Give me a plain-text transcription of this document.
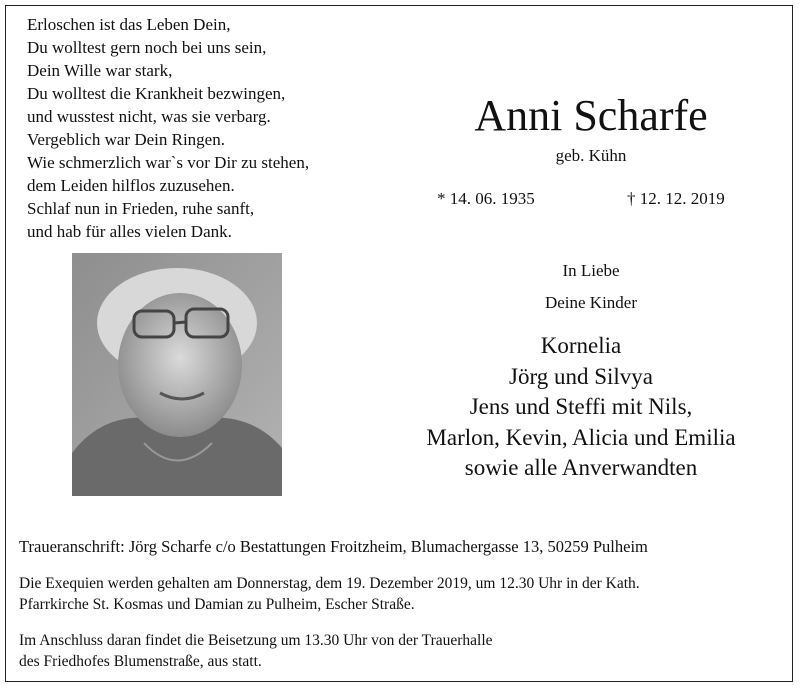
Erloschen ist das Leben Dein,
Du wolltest gern noch bei uns sein,
Dein Wille war stark,
Du wolltest die Krankheit bezwingen,
und wusstest nicht, was sie verbarg.
Vergeblich war Dein Ringen.
Wie schmerzlich war`s vor Dir zu stehen,
dem Leiden hilflos zuzusehen.
Schlaf nun in Frieden, ruhe sanft,
und hab für alles vielen Dank.
Anni Scharfe
geb. Kühn
* 14. 06. 1935	† 12. 12. 2019
In Liebe
Deine Kinder
Kornelia
Jörg und Silvya
Jens und Steffi mit Nils,
Marlon, Kevin, Alicia und Emilia
sowie alle Anverwandten
Traueranschrift: Jörg Scharfe c/o Bestattungen Froitzheim, Blumachergasse 13, 50259 Pulheim
Die Exequien werden gehalten am Donnerstag, dem 19. Dezember 2019, um 12.30 Uhr in der Kath.
Pfarrkirche St. Kosmas und Damian zu Pulheim, Escher Straße.
Im Anschluss daran findet die Beisetzung um 13.30 Uhr von der Trauerhalle
des Friedhofes Blumenstraße, aus statt.
